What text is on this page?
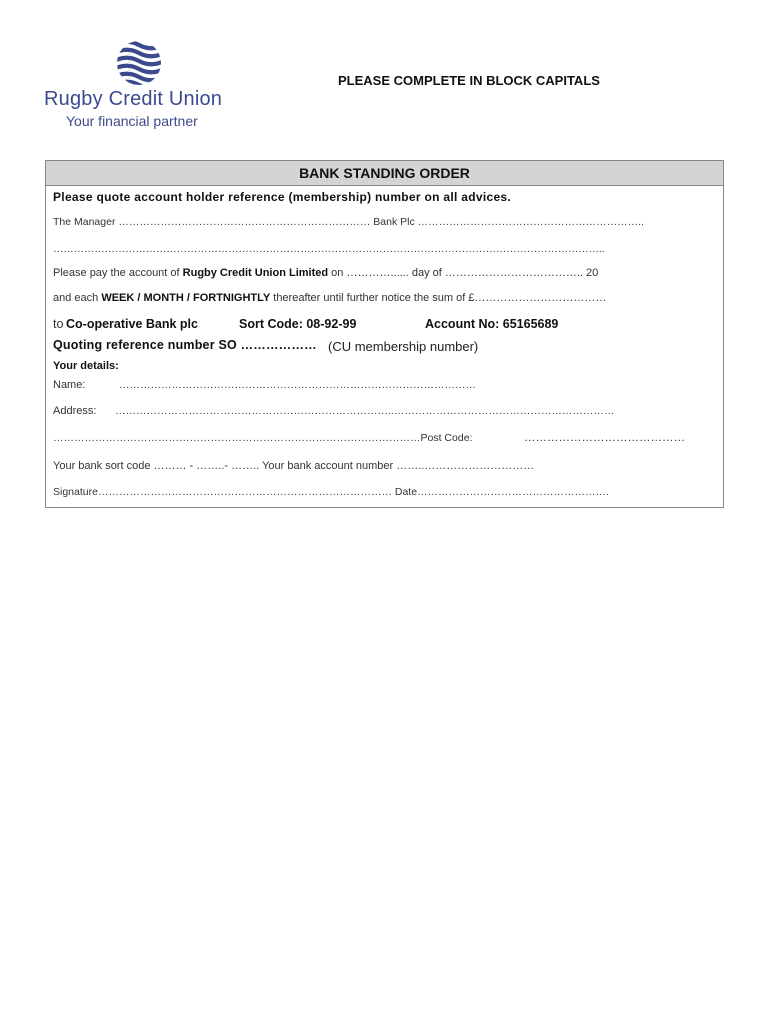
Rugby Credit Union
Your financial partner
PLEASE COMPLETE IN BLOCK CAPITALS
BANK STANDING ORDER
Please quote account holder reference (membership) number on all advices.
The Manager ……………………………………………………………… Bank Plc ………………………………………………………..
……………………………………………………………………………………………………………………………………………..
Please pay the account of Rugby Credit Union Limited on …………...... day of ……………………………….. 20
and each WEEK / MONTH / FORTNIGHTLY thereafter until further notice the sum of £………………………………
to Co-operative Bank plc	Sort Code: 08-92-99	Account No: 65165689
Quoting reference number SO ……………… (CU membership number)
Your details:
Name:	…………………………………………………………………………………………
Address: ……………………………………………………………………..………………………………………………………
……………………………………………………………………………………………Post Code:	……………………………………
Your bank sort code ……… - ……..- …….. Your bank account number ……..…………………………
Signature………………………………………………………………………… Date……………………………………………….
